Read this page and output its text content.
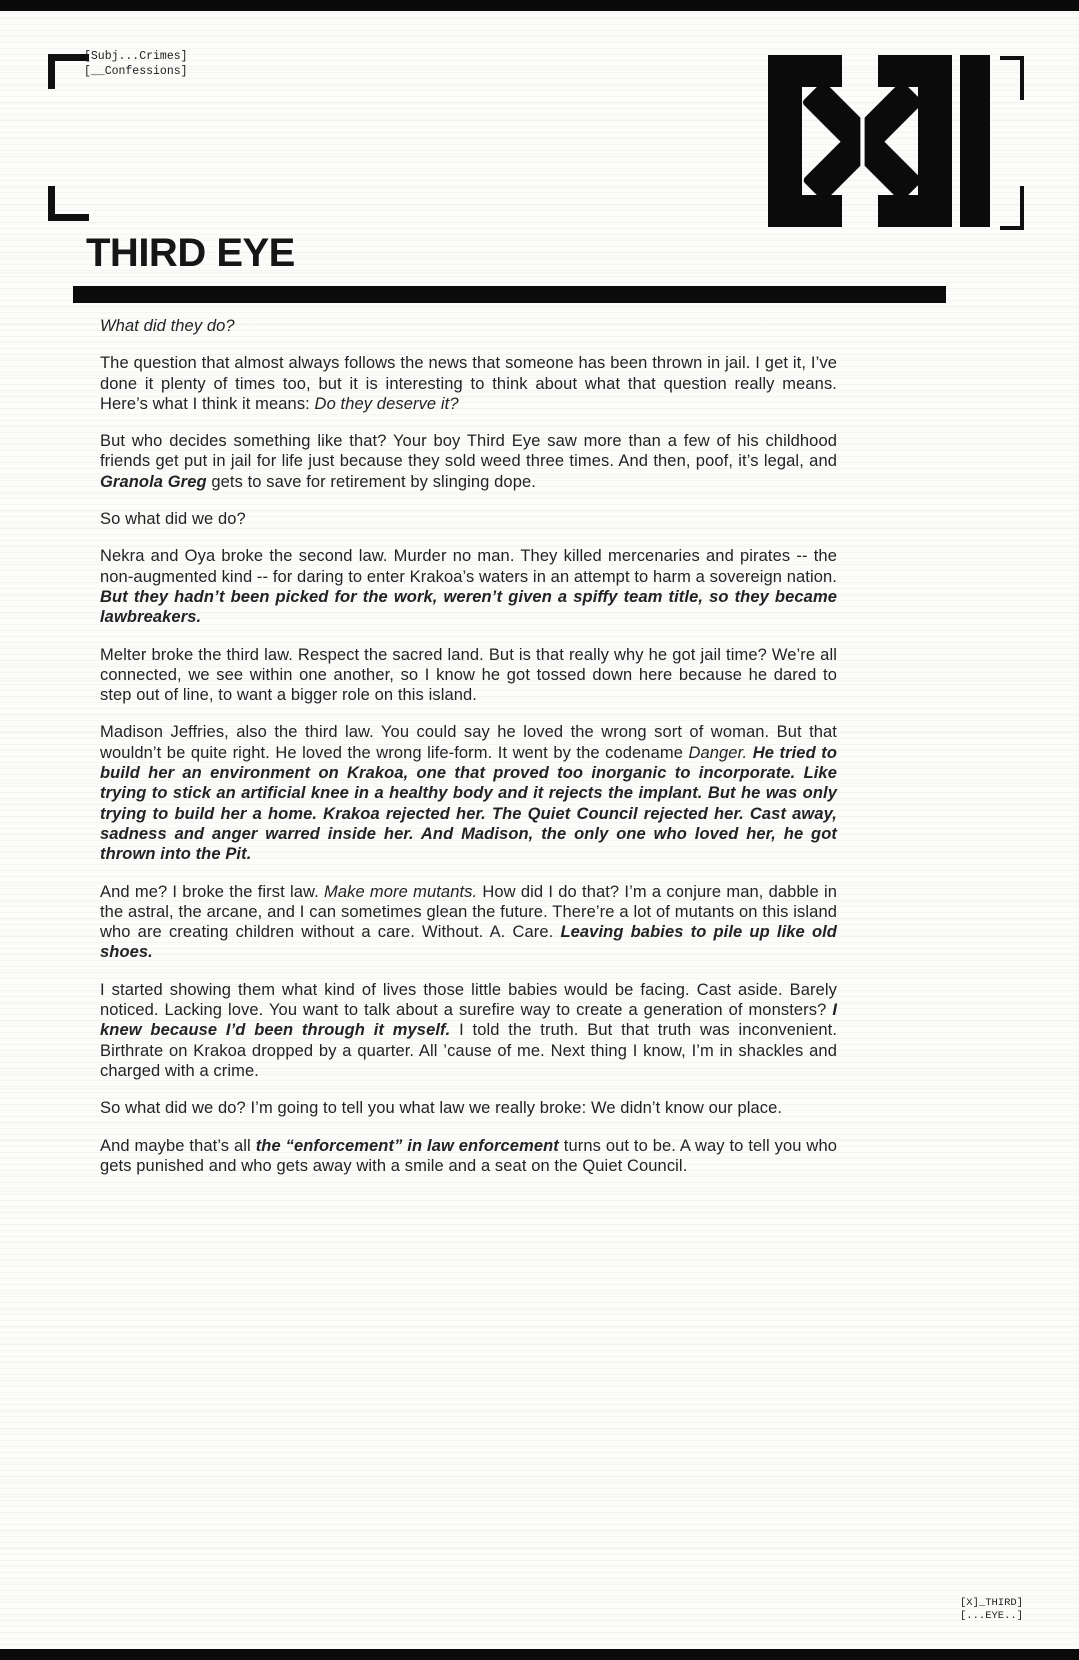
[Subj...Crimes]
[__Confessions]
THIRD EYE

What did they do?

The question that almost always follows the news that someone has been thrown in jail. I get it, I’ve done it plenty of times too, but it is interesting to think about what that question really means. Here’s what I think it means: Do they deserve it?

But who decides something like that? Your boy Third Eye saw more than a few of his childhood friends get put in jail for life just because they sold weed three times. And then, poof, it’s legal, and Granola Greg gets to save for retirement by slinging dope.

So what did we do?

Nekra and Oya broke the second law. Murder no man. They killed mercenaries and pirates -- the non-augmented kind -- for daring to enter Krakoa’s waters in an attempt to harm a sovereign nation. But they hadn’t been picked for the work, weren’t given a spiffy team title, so they became lawbreakers.

Melter broke the third law. Respect the sacred land. But is that really why he got jail time? We’re all connected, we see within one another, so I know he got tossed down here because he dared to step out of line, to want a bigger role on this island.

Madison Jeffries, also the third law. You could say he loved the wrong sort of woman. But that wouldn’t be quite right. He loved the wrong life-form. It went by the codename Danger. He tried to build her an environment on Krakoa, one that proved too inorganic to incorporate. Like trying to stick an artificial knee in a healthy body and it rejects the implant. But he was only trying to build her a home. Krakoa rejected her. The Quiet Council rejected her. Cast away, sadness and anger warred inside her. And Madison, the only one who loved her, he got thrown into the Pit.

And me? I broke the first law. Make more mutants. How did I do that? I’m a conjure man, dabble in the astral, the arcane, and I can sometimes glean the future. There’re a lot of mutants on this island who are creating children without a care. Without. A. Care. Leaving babies to pile up like old shoes.

I started showing them what kind of lives those little babies would be facing. Cast aside. Barely noticed. Lacking love. You want to talk about a surefire way to create a generation of monsters? I knew because I’d been through it myself. I told the truth. But that truth was inconvenient. Birthrate on Krakoa dropped by a quarter. All ’cause of me. Next thing I know, I’m in shackles and charged with a crime.

So what did we do? I’m going to tell you what law we really broke: We didn’t know our place.

And maybe that’s all the “enforcement” in law enforcement turns out to be. A way to tell you who gets punished and who gets away with a smile and a seat on the Quiet Council.

[X]_THIRD]
[...EYE..]
